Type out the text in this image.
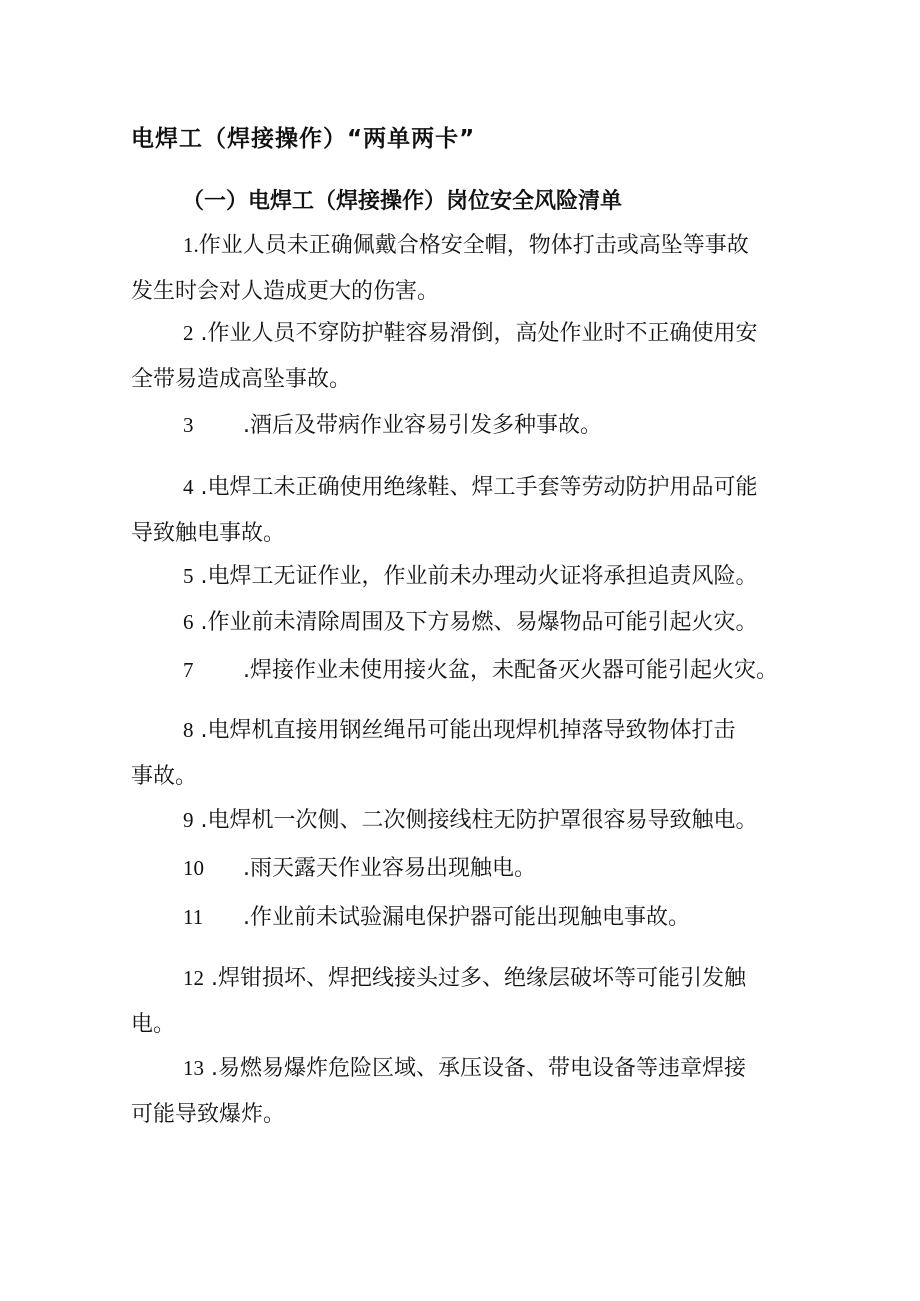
电焊工（焊接操作）“两单两卡”
（一）电焊工（焊接操作）岗位安全风险清单
1.作业人员未正确佩戴合格安全帽，物体打击或高坠等事故
发生时会对人造成更大的伤害。
2 .作业人员不穿防护鞋容易滑倒，高处作业时不正确使用安
全带易造成高坠事故。
3 .酒后及带病作业容易引发多种事故。
4 .电焊工未正确使用绝缘鞋、焊工手套等劳动防护用品可能
导致触电事故。
5 .电焊工无证作业，作业前未办理动火证将承担追责风险。
6 .作业前未清除周围及下方易燃、易爆物品可能引起火灾。
7 .焊接作业未使用接火盆，未配备灭火器可能引起火灾。
8 .电焊机直接用钢丝绳吊可能出现焊机掉落导致物体打击
事故。
9 .电焊机一次侧、二次侧接线柱无防护罩很容易导致触电。
10 .雨天露天作业容易出现触电。
11 .作业前未试验漏电保护器可能出现触电事故。
12 .焊钳损坏、焊把线接头过多、绝缘层破坏等可能引发触
电。
13 .易燃易爆炸危险区域、承压设备、带电设备等违章焊接
可能导致爆炸。
